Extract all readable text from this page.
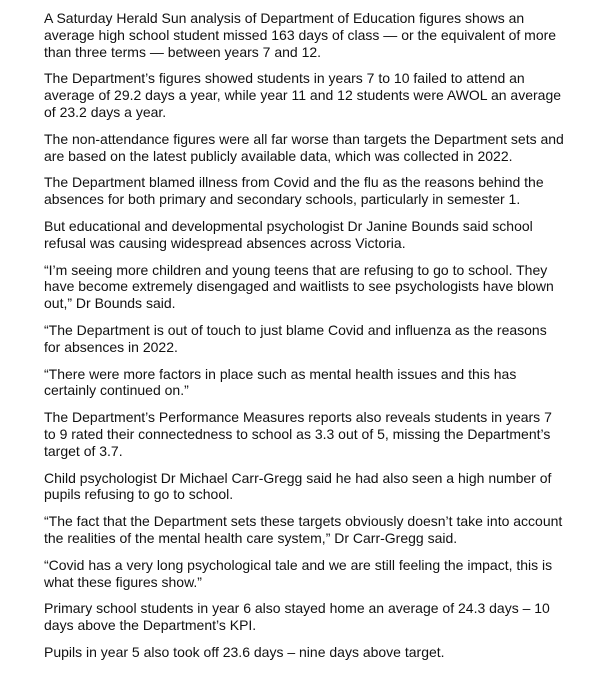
A Saturday Herald Sun analysis of Department of Education figures shows an average high school student missed 163 days of class — or the equivalent of more than three terms — between years 7 and 12.

The Department’s figures showed students in years 7 to 10 failed to attend an average of 29.2 days a year, while year 11 and 12 students were AWOL an average of 23.2 days a year.

The non-attendance figures were all far worse than targets the Department sets and are based on the latest publicly available data, which was collected in 2022.

The Department blamed illness from Covid and the flu as the reasons behind the absences for both primary and secondary schools, particularly in semester 1.

But educational and developmental psychologist Dr Janine Bounds said school refusal was causing widespread absences across Victoria.

“I’m seeing more children and young teens that are refusing to go to school. They have become extremely disengaged and waitlists to see psychologists have blown out,” Dr Bounds said.

“The Department is out of touch to just blame Covid and influenza as the reasons for absences in 2022.

“There were more factors in place such as mental health issues and this has certainly continued on.”

The Department’s Performance Measures reports also reveals students in years 7 to 9 rated their connectedness to school as 3.3 out of 5, missing the Department’s target of 3.7.

Child psychologist Dr Michael Carr-Gregg said he had also seen a high number of pupils refusing to go to school.

“The fact that the Department sets these targets obviously doesn’t take into account the realities of the mental health care system,” Dr Carr-Gregg said.

“Covid has a very long psychological tale and we are still feeling the impact, this is what these figures show.”

Primary school students in year 6 also stayed home an average of 24.3 days – 10 days above the Department’s KPI.

Pupils in year 5 also took off 23.6 days – nine days above target.
